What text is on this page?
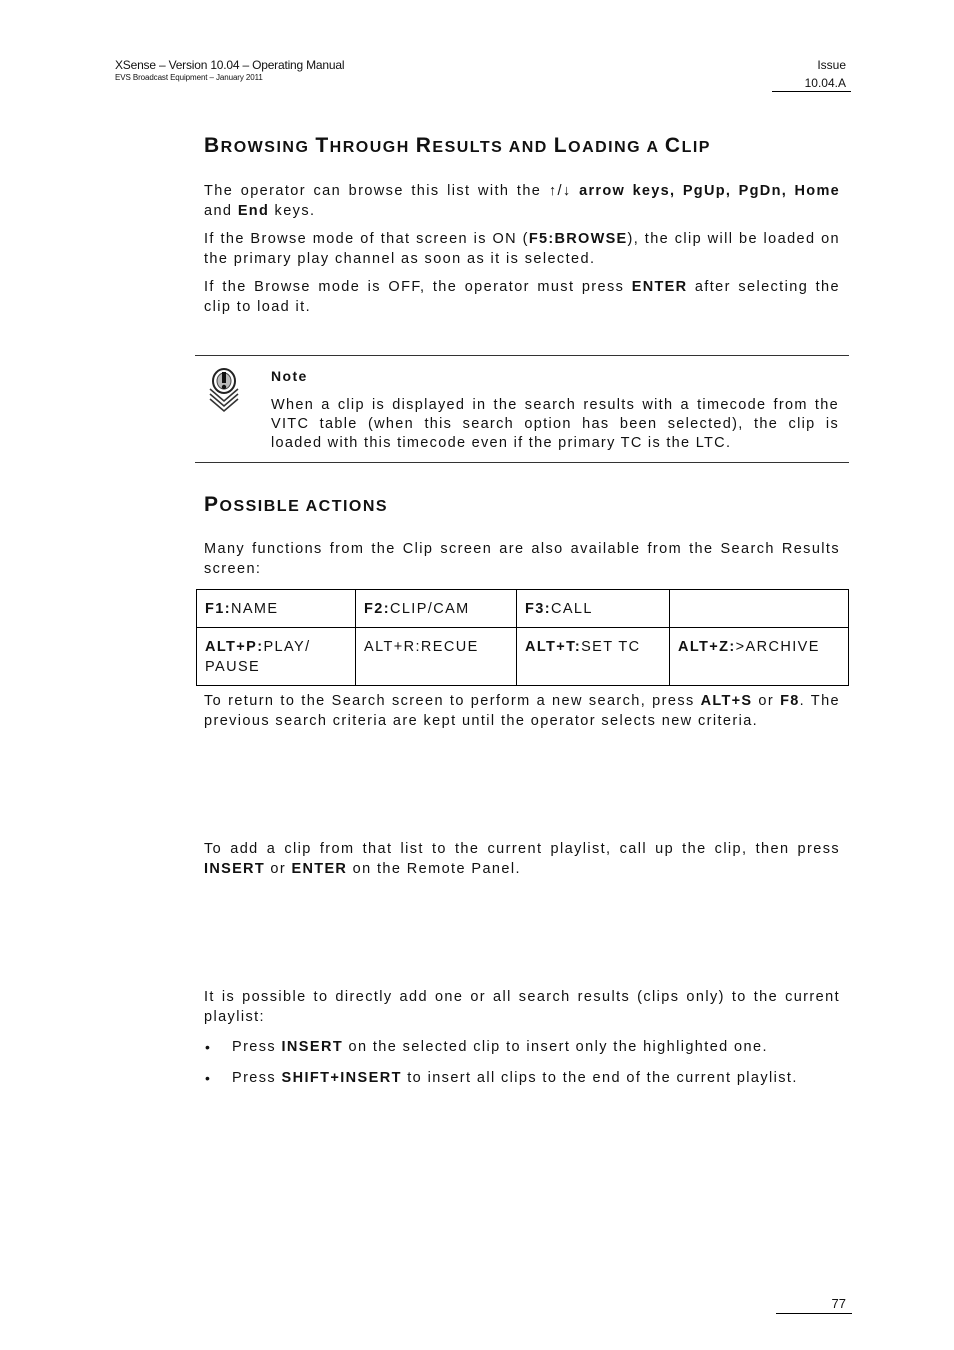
XSense – Version 10.04 – Operating Manual
EVS Broadcast Equipment – January 2011
Issue
10.04.A
BROWSING THROUGH RESULTS AND LOADING A CLIP

The operator can browse this list with the ↑/↓ arrow keys, PgUp, PgDn, Home and End keys.

If the Browse mode of that screen is ON (F5:BROWSE), the clip will be loaded on the primary play channel as soon as it is selected.

If the Browse mode is OFF, the operator must press ENTER after selecting the clip to load it.

Note
When a clip is displayed in the search results with a timecode from the VITC table (when this search option has been selected), the clip is loaded with this timecode even if the primary TC is the LTC.
POSSIBLE ACTIONS

Many functions from the Clip screen are also available from the Search Results screen:

F1:NAME	F2:CLIP/CAM	F3:CALL	
ALT+P:PLAY/ PAUSE	ALT+R:RECUE	ALT+T:SET TC	ALT+Z:>ARCHIVE

To return to the Search screen to perform a new search, press ALT+S or F8. The previous search criteria are kept until the operator selects new criteria.

To add a clip from that list to the current playlist, call up the clip, then press INSERT or ENTER on the Remote Panel.

It is possible to directly add one or all search results (clips only) to the current playlist:

• Press INSERT on the selected clip to insert only the highlighted one.
• Press SHIFT+INSERT to insert all clips to the end of the current playlist.
77
